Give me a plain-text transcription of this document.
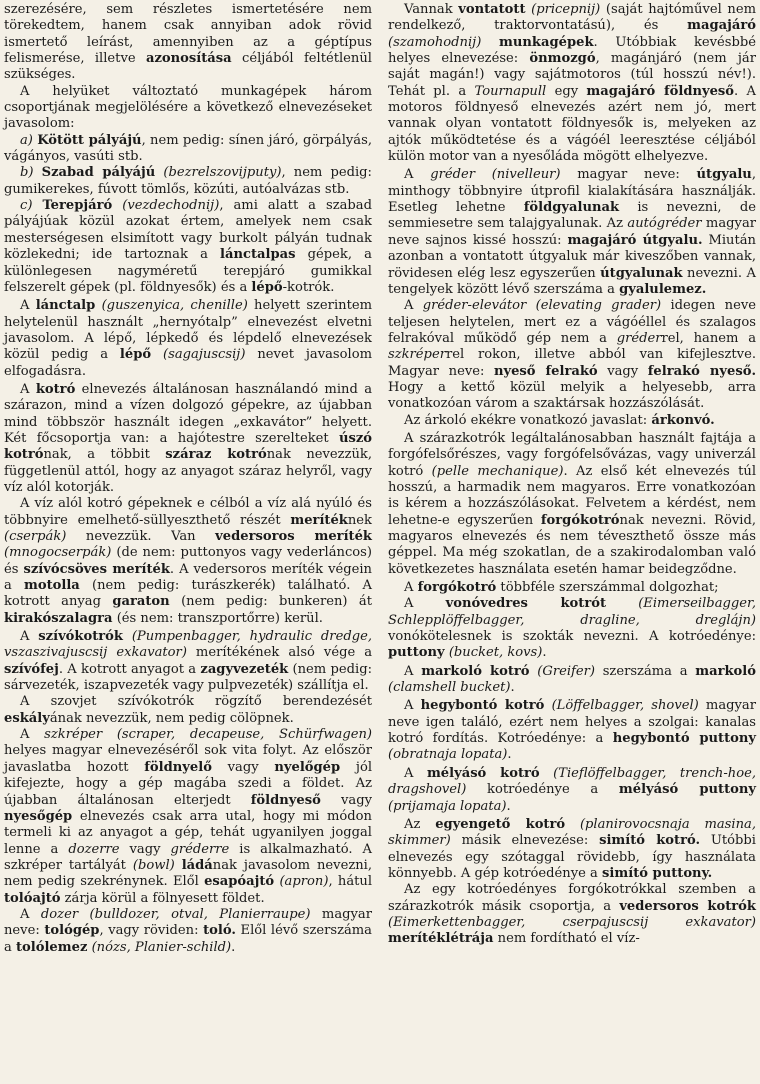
szerezésére, sem részletes ismertetésére nem törekedtem, hanem csak annyiban adok rövid ismertető leírást, amennyiben az a géptípus felismerése, illetve azonosítása céljából feltétlenül szükséges.

A helyüket változtató munkagépek három csoportjának megjelölésére a következő elnevezéseket javasolom:

a) Kötött pályájú, nem pedig: sínen járó, görpályás, vágányos, vasúti stb.

b) Szabad pályájú (bezrelszovijputy), nem pedig: gumikerekes, fúvott tömlős, közúti, autóalvázas stb.

c) Terepjáró (vezdechodnij), ami alatt a szabad pályájúak közül azokat értem, amelyek nem csak mesterségesen elsimított vagy burkolt pályán tudnak közlekedni; ide tartoznak a lánctalpas gépek, a különlegesen nagyméretű terepjáró gumikkal felszerelt gépek (pl. földnyesők) és a lépő-kotrók.

A lánctalp (guszenyica, chenille) helyett szerintem helytelenül használt „hernyótalp” elnevezést elvetni javasolom. A lépő, lépkedő és lépdelő elnevezések közül pedig a lépő (sagajuscsij) nevet javasolom elfogadásra.

A kotró elnevezés általánosan használandó mind a szárazon, mind a vízen dolgozó gépekre, az újabban mind többször használt idegen „exkavátor” helyett. Két főcsoportja van: a hajótestre szerelteket úszó kotrónak, a többit száraz kotrónak nevezzük, függetlenül attól, hogy az anyagot száraz helyről, vagy víz alól kotorják.

A víz alól kotró gépeknek e célból a víz alá nyúló és többnyire emelhető-süllyeszthető részét merítéknek (cserpák) nevezzük. Van vedersoros meríték (mnogocserpák) (de nem: puttonyos vagy vederláncos) és szívócsöves meríték. A vedersoros meríték végein a motolla (nem pedig: turászkerék) található. A kotrott anyag garaton (nem pedig: bunkeren) át kirakószalagra (és nem: transzportőrre) kerül.

A szívókotrók (Pumpenbagger, hydraulic dredge, vszaszivajuscsij exkavator) merítékének alsó vége a szívófej. A kotrott anyagot a zagyvezeték (nem pedig: sárvezeték, iszapvezeték vagy pulpvezeték) szállítja el.

A szovjet szívókotrók rögzítő berendezését eskályának nevezzük, nem pedig cölöpnek.

A szkréper (scraper, decapeuse, Schürfwagen) helyes magyar elnevezéséről sok vita folyt. Az először javaslatba hozott földnyelő vagy nyelőgép jól kifejezte, hogy a gép magába szedi a földet. Az újabban általánosan elterjedt földnyeső vagy nyesőgép elnevezés csak arra utal, hogy mi módon termeli ki az anyagot a gép, tehát ugyanilyen joggal lenne a dozerre vagy gréderre is alkalmazható. A szkréper tartályát (bowl) ládának javasolom nevezni, nem pedig szekrénynek. Elől esapóajtó (apron), hátul tolóajtó zárja körül a fölnyesett földet.

A dozer (bulldozer, otval, Planierraupe) magyar neve: tológép, vagy röviden: toló. Elől lévő szerszáma a tolólemez (nózs, Planier-schild).

Vannak vontatott (pricepnij) (saját hajtóművel nem rendelkező, traktorvontatású), és magajáró (szamohodnij) munkagépek. Utóbbiak kevésbbé helyes elnevezése: önmozgó, magánjáró (nem jár saját magán!) vagy sajátmotoros (túl hosszú név!). Tehát pl. a Tournapull egy magajáró földnyeső. A motoros földnyeső elnevezés azért nem jó, mert vannak olyan vontatott földnyesők is, melyeken az ajtók működtetése és a vágóél leeresztése céljából külön motor van a nyesőláda mögött elhelyezve.

A gréder (nivelleur) magyar neve: útgyalu, minthogy többnyire útprofil kialakítására használják. Esetleg lehetne földgyalunak is nevezni, de semmiesetre sem talajgyalunak. Az autógréder magyar neve sajnos kissé hosszú: magajáró útgyalu. Miután azonban a vontatott útgyaluk már kiveszőben vannak, rövidesen elég lesz egyszerűen útgyalunak nevezni. A tengelyek között lévő szerszáma a gyalulemez.

A gréder-elevátor (elevating grader) idegen neve teljesen helytelen, mert ez a vágóéllel és szalagos felrakóval működő gép nem a gréderrel, hanem a szkréperrel rokon, illetve abból van kifejlesztve. Magyar neve: nyeső felrakó vagy felrakó nyeső. Hogy a kettő közül melyik a helyesebb, arra vonatkozóan várom a szaktársak hozzászólását.

Az árkoló ekékre vonatkozó javaslat: árkonvó.

A szárazkotrók legáltalánosabban használt fajtája a forgófelsőrészes, vagy forgófelsővázas, vagy univerzál kotró (pelle mechanique). Az első két elnevezés túl hosszú, a harmadik nem magyaros. Erre vonatkozóan is kérem a hozzászólásokat. Felvetem a kérdést, nem lehetne-e egyszerűen forgókotrónak nevezni. Rövid, magyaros elnevezés és nem téveszthető össze más géppel. Ma még szokatlan, de a szakirodalomban való következetes használata esetén hamar beidegződne.

A forgókotró többféle szerszámmal dolgozhat;

A vonóvedres kotrót (Eimerseilbagger, Schlepplöffelbagger, dragline, dreglájn) vonókötelesnek is szokták nevezni. A kotróedénye: puttony (bucket, kovs).

A markoló kotró (Greifer) szerszáma a markoló (clamshell bucket).

A hegybontó kotró (Löffelbagger, shovel) magyar neve igen találó, ezért nem helyes a szolgai: kanalas kotró fordítás. Kotróedénye: a hegybontó puttony (obratnaja lopata).

A mélyásó kotró (Tieflöffelbagger, trench-hoe, dragshovel) kotróedénye a mélyásó puttony (prijamaja lopata).

Az egyengető kotró (planirovocsnaja masina, skimmer) másik elnevezése: simító kotró. Utóbbi elnevezés egy szótaggal rövidebb, így használata könnyebb. A gép kotróedénye a simító puttony.

Az egy kotróedényes forgókotrókkal szemben a szárazkotrók másik csoportja, a vedersoros kotrók (Eimerkettenbagger, cserpajuscsij exkavator) merítéklétrája nem fordítható el víz-
